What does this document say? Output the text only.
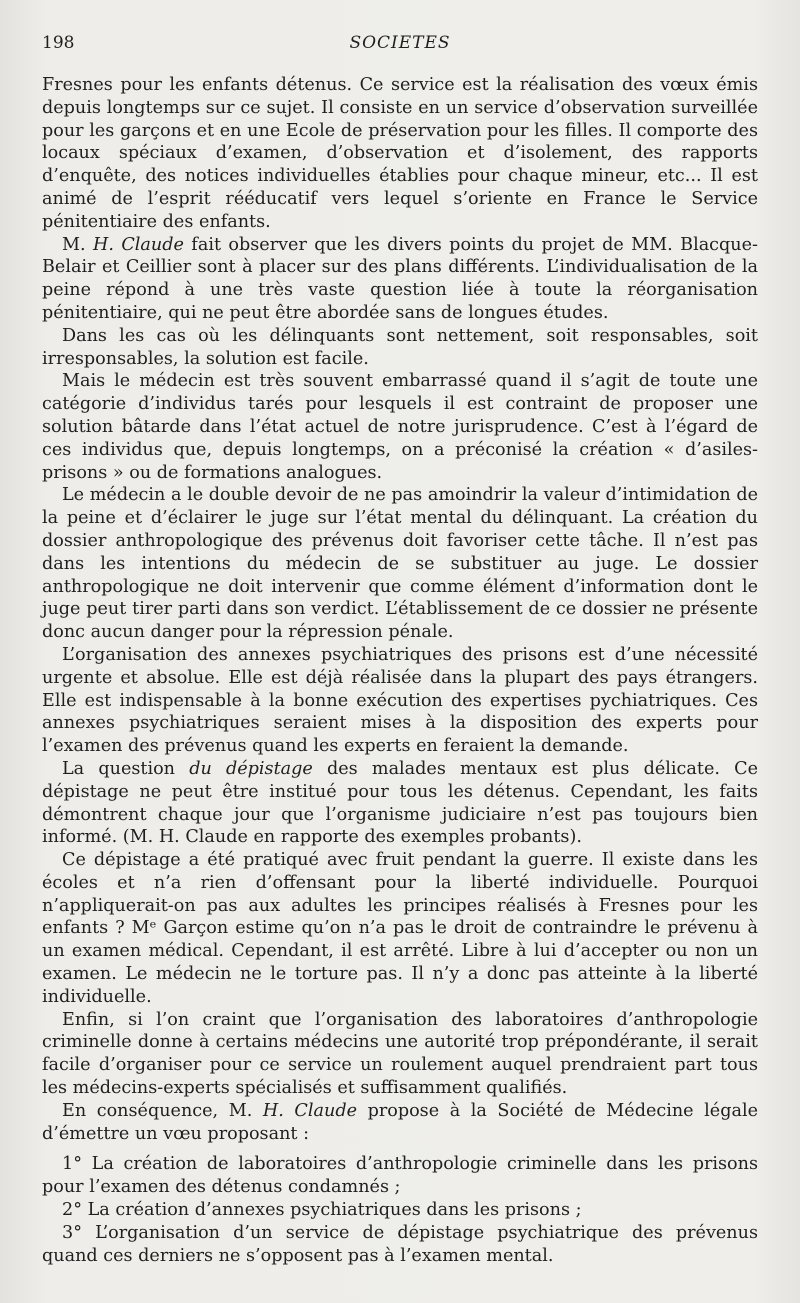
198	SOCIETES

Fresnes pour les enfants détenus. Ce service est la réalisation des vœux émis depuis longtemps sur ce sujet. Il consiste en un service d’observation surveillée pour les garçons et en une Ecole de préservation pour les filles. Il comporte des locaux spéciaux d’examen, d’observation et d’isolement, des rapports d’enquête, des notices individuelles établies pour chaque mineur, etc... Il est animé de l’esprit rééducatif vers lequel s’oriente en France le Service pénitentiaire des enfants.

M. H. Claude fait observer que les divers points du projet de MM. Blacque-Belair et Ceillier sont à placer sur des plans différents. L’individualisation de la peine répond à une très vaste question liée à toute la réorganisation pénitentiaire, qui ne peut être abordée sans de longues études.

Dans les cas où les délinquants sont nettement, soit responsables, soit irresponsables, la solution est facile.

Mais le médecin est très souvent embarrassé quand il s’agit de toute une catégorie d’individus tarés pour lesquels il est contraint de proposer une solution bâtarde dans l’état actuel de notre jurisprudence. C’est à l’égard de ces individus que, depuis longtemps, on a préconisé la création « d’asiles-prisons » ou de formations analogues.

Le médecin a le double devoir de ne pas amoindrir la valeur d’intimidation de la peine et d’éclairer le juge sur l’état mental du délinquant. La création du dossier anthropologique des prévenus doit favoriser cette tâche. Il n’est pas dans les intentions du médecin de se substituer au juge. Le dossier anthropologique ne doit intervenir que comme élément d’information dont le juge peut tirer parti dans son verdict. L’établissement de ce dossier ne présente donc aucun danger pour la répression pénale.

L’organisation des annexes psychiatriques des prisons est d’une nécessité urgente et absolue. Elle est déjà réalisée dans la plupart des pays étrangers. Elle est indispensable à la bonne exécution des expertises pychiatriques. Ces annexes psychiatriques seraient mises à la disposition des experts pour l’examen des prévenus quand les experts en feraient la demande.

La question du dépistage des malades mentaux est plus délicate. Ce dépistage ne peut être institué pour tous les détenus. Cependant, les faits démontrent chaque jour que l’organisme judiciaire n’est pas toujours bien informé. (M. H. Claude en rapporte des exemples probants).

Ce dépistage a été pratiqué avec fruit pendant la guerre. Il existe dans les écoles et n’a rien d’offensant pour la liberté individuelle. Pourquoi n’appliquerait-on pas aux adultes les principes réalisés à Fresnes pour les enfants ? Mᵉ Garçon estime qu’on n’a pas le droit de contraindre le prévenu à un examen médical. Cependant, il est arrêté. Libre à lui d’accepter ou non un examen. Le médecin ne le torture pas. Il n’y a donc pas atteinte à la liberté individuelle.

Enfin, si l’on craint que l’organisation des laboratoires d’anthropologie criminelle donne à certains médecins une autorité trop prépondérante, il serait facile d’organiser pour ce service un roulement auquel prendraient part tous les médecins-experts spécialisés et suffisamment qualifiés.

En conséquence, M. H. Claude propose à la Société de Médecine légale d’émettre un vœu proposant :

1° La création de laboratoires d’anthropologie criminelle dans les prisons pour l’examen des détenus condamnés ;

2° La création d’annexes psychiatriques dans les prisons ;

3° L’organisation d’un service de dépistage psychiatrique des prévenus quand ces derniers ne s’opposent pas à l’examen mental.
